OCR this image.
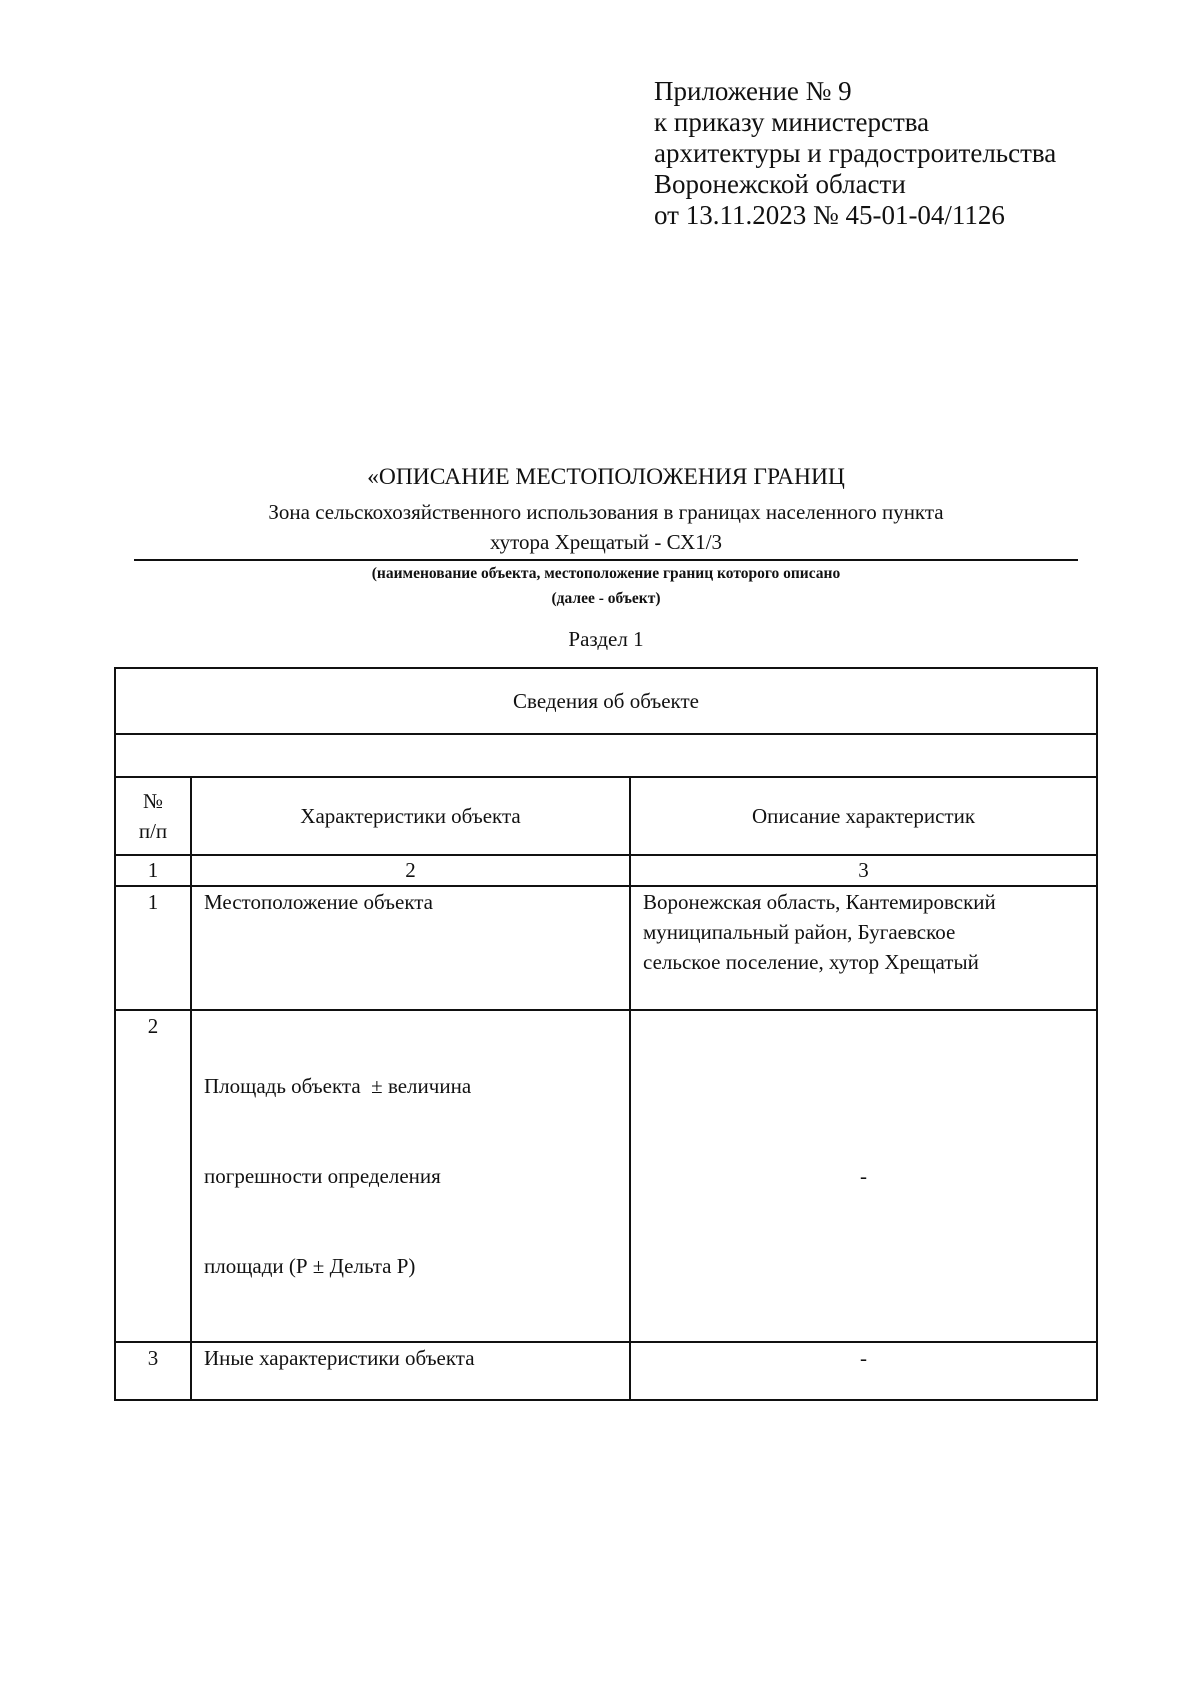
Приложение № 9
к приказу министерства
архитектуры и градостроительства
Воронежской области
от 13.11.2023 № 45-01-04/1126
«ОПИСАНИЕ МЕСТОПОЛОЖЕНИЯ ГРАНИЦ
Зона сельскохозяйственного использования в границах населенного пункта
хутора Хрещатый - СХ1/3
(наименование объекта, местоположение границ которого описано
(далее - объект)
Раздел 1
Сведения об объекте		

№
п/п	Характеристики объекта	Описание характеристик
1	2	3
1	Местоположение объекта	Воронежская область, Кантемировский
муниципальный район, Бугаевское
сельское поселение, хутор Хрещатый

2	Площадь объекта  ± величина

погрешности определения

площади (Р ± Дельта Р)	-
3	Иные характеристики объекта	-
